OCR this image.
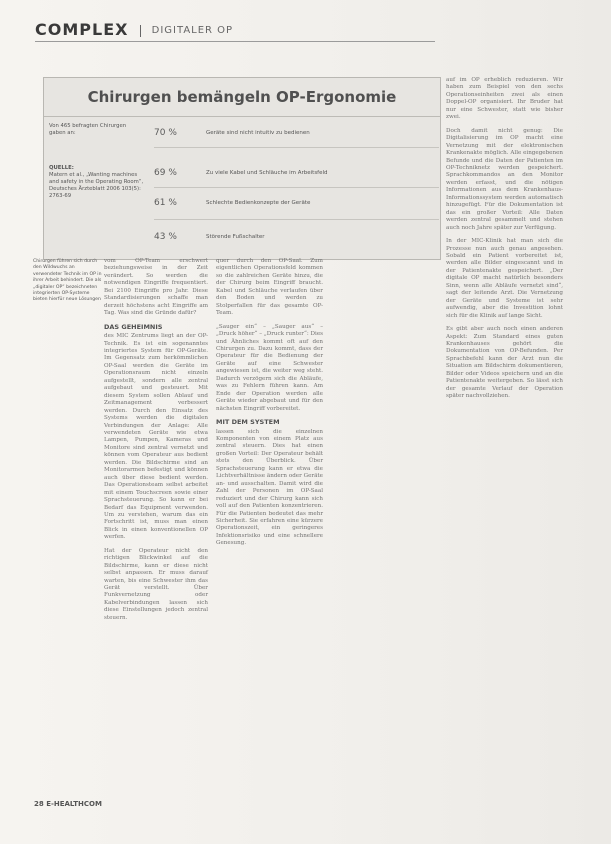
COMPLEX DIGITALER OP
Chirurgen bemängeln OP-Ergonomie
Von 465 befragten Chirurgen gaben an:
QUELLE:
Matern et al., „Wanting machines and safety in the Operating Room“, Deutsches Ärzteblatt 2006 103(5): 2763-69
70 %	Geräte sind nicht intuitiv zu bedienen
69 %	Zu viele Kabel und Schläuche im Arbeitsfeld
61 %	Schlechte Bedienkonzepte der Geräte
43 %	Störende Fußschalter
Chirurgen führen sich durch den Wildwuchs an verwendeter Technik im OP in ihrer Arbeit behindert. Die als „digitaler OP“ bezeichneten integrierten OP-Systeme bieten hierfür neue Lösungen

vom OP-Team erschwert beziehungsweise in der Zeit verändert. So werden die notwendigen Eingriffe frequentiert. Bei 2100 Eingriffe pro Jahr. Diese Standardisierungen schaffe man derzeit höchstens acht Eingriffe am Tag. Was sind die Gründe dafür?

DAS GEHEIMNIS

des MIC Zentrums liegt an der OP-Technik. Es ist ein sogenanntes integriertes System für OP-Geräte. Im Gegensatz zum herkömmlichen OP-Saal werden die Geräte im Operationsraum nicht einzeln aufgestellt, sondern alle zentral aufgebaut und gesteuert. Mit diesem System sollen Ablauf und Zeitmanagement verbessert werden. Durch den Einsatz des Systems werden die digitalen Verbindungen der Anlage: Alle verwendeten Geräte wie etwa Lampen, Pumpen, Kameras und Monitore sind zentral vernetzt und können vom Operateur aus bedient werden. Die Bildschirme sind an Monitorarmen befestigt und können auch über diese bedient werden. Das Operationsteam selbst arbeitet mit einem Touchscreen sowie einer Sprachsteuerung. So kann er bei Bedarf das Equipment verwenden. Um zu verstehen, warum das ein Fortschritt ist, muss man einen Blick in einen konventionellen OP werfen.

Hat der Operateur nicht den richtigen Blickwinkel auf die Bildschirme, kann er diese nicht selbst anpassen. Er muss darauf warten, bis eine Schwester ihm das Gerät verstellt. Über Funkvernetzung oder Kabelverbindungen lassen sich diese Einstellungen jedoch zentral steuern.

quer durch den OP-Saal. Zum eigentlichen Operationsfeld kommen so die zahlreichen Geräte hinzu, die der Chirurg beim Eingriff braucht. Kabel und Schläuche verlaufen über den Boden und werden zu Stolperfallen für das gesamte OP-Team.

„Sauger ein“ – „Sauger aus“ – „Druck höher“ – „Druck runter“: Dies und Ähnliches kommt oft auf den Chirurgen zu. Dazu kommt, dass der Operateur für die Bedienung der Geräte auf eine Schwester angewiesen ist, die weiter weg steht. Dadurch verzögern sich die Abläufe, was zu Fehlern führen kann. Am Ende der Operation werden alle Geräte wieder abgebaut und für den nächsten Eingriff vorbereitet.

MIT DEM SYSTEM

lassen sich die einzelnen Komponenten von einem Platz aus zentral steuern. Dies hat einen großen Vorteil: Der Operateur behält stets den Überblick. Über Sprachsteuerung kann er etwa die Lichtverhältnisse ändern oder Geräte an- und ausschalten. Damit wird die Zahl der Personen im OP-Saal reduziert und der Chirurg kann sich voll auf den Patienten konzentrieren. Für die Patienten bedeutet das mehr Sicherheit. Sie erfahren eine kürzere Operationszeit, ein geringeres Infektionsrisiko und eine schnellere Genesung.

auf im OP erheblich reduzieren. Wir haben zum Beispiel von den sechs Operationseinheiten zwei als einen Doppel-OP organisiert. Ihr Bruder hat nur eine Schwester, statt wie bisher zwei.

Doch damit nicht genug: Die Digitalisierung im OP macht eine Vernetzung mit der elektronischen Krankenakte möglich. Alle eingegebenen Befunde und die Daten der Patienten im OP-Techniknetz werden gespeichert. Sprachkommandos an den Monitor werden erfasst, und die nötigen Informationen aus dem Krankenhaus-Informationssystem werden automatisch hinzugefügt. Für die Dokumentation ist das ein großer Vorteil: Alle Daten werden zentral gesammelt und stehen auch noch Jahre später zur Verfügung.

In der MIC-Klinik hat man sich die Prozesse nun auch genau angesehen. Sobald ein Patient vorbereitet ist, werden alle Bilder eingescannt und in der Patientenakte gespeichert. „Der digitale OP macht natürlich besonders Sinn, wenn alle Abläufe vernetzt sind“, sagt der leitende Arzt. Die Vernetzung der Geräte und Systeme ist sehr aufwendig, aber die Investition lohnt sich für die Klinik auf lange Sicht.

Es gibt aber auch noch einen anderen Aspekt: Zum Standard eines guten Krankenhauses gehört die Dokumentation von OP-Befunden. Per Sprachbefehl kann der Arzt nun die Situation am Bildschirm dokumentieren, Bilder oder Videos speichern und an die Patientenakte weitergeben. So lässt sich der gesamte Verlauf der Operation später nachvollziehen.

28 E-HEALTHCOM
